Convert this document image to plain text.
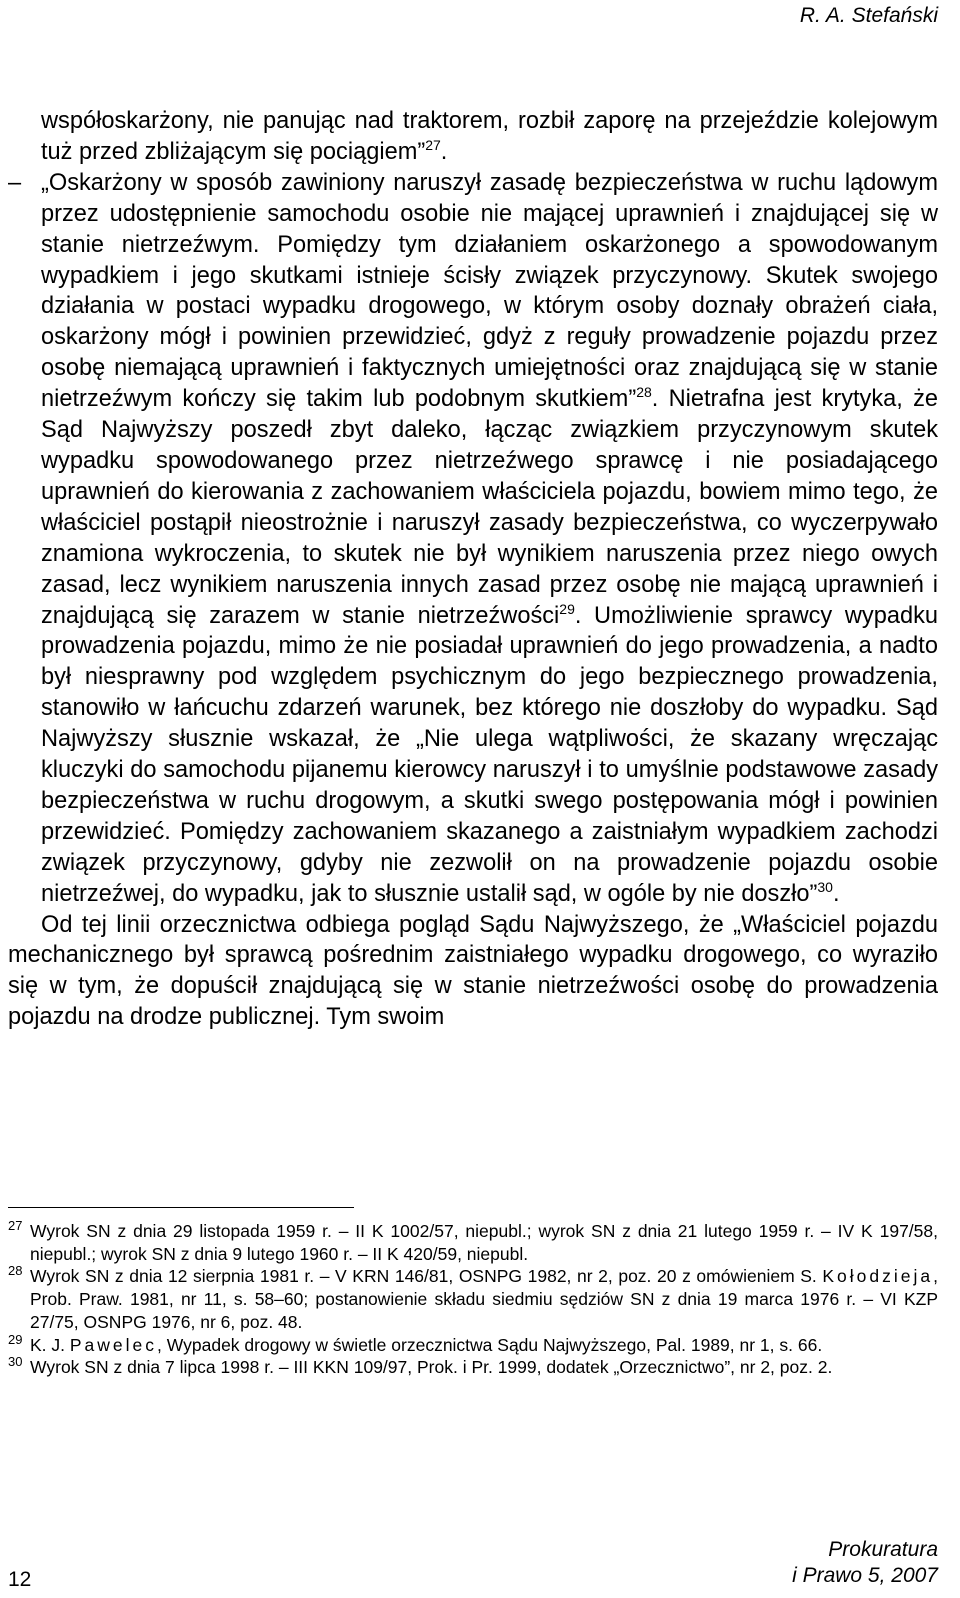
R. A. Stefański

współoskarżony, nie panując nad traktorem, rozbił zaporę na przejeździe kolejowym tuż przed zbliżającym się pociągiem”$^{27}$.

– „Oskarżony w sposób zawiniony naruszył zasadę bezpieczeństwa w ruchu lądowym przez udostępnienie samochodu osobie nie mającej uprawnień i znajdującej się w stanie nietrzeźwym. Pomiędzy tym działaniem oskarżonego a spowodowanym wypadkiem i jego skutkami istnieje ścisły związek przyczynowy. Skutek swojego działania w postaci wypadku drogowego, w którym osoby doznały obrażeń ciała, oskarżony mógł i powinien przewidzieć, gdyż z reguły prowadzenie pojazdu przez osobę niemającą uprawnień i faktycznych umiejętności oraz znajdującą się w stanie nietrzeźwym kończy się takim lub podobnym skutkiem”$^{28}$. Nietrafna jest krytyka, że Sąd Najwyższy poszedł zbyt daleko, łącząc związkiem przyczynowym skutek wypadku spowodowanego przez nietrzeźwego sprawcę i nie posiadającego uprawnień do kierowania z zachowaniem właściciela pojazdu, bowiem mimo tego, że właściciel postąpił nieostrożnie i naruszył zasady bezpieczeństwa, co wyczerpywało znamiona wykroczenia, to skutek nie był wynikiem naruszenia przez niego owych zasad, lecz wynikiem naruszenia innych zasad przez osobę nie mającą uprawnień i znajdującą się zarazem w stanie nietrzeźwości$^{29}$. Umożliwienie sprawcy wypadku prowadzenia pojazdu, mimo że nie posiadał uprawnień do jego prowadzenia, a nadto był niesprawny pod względem psychicznym do jego bezpiecznego prowadzenia, stanowiło w łańcuchu zdarzeń warunek, bez którego nie doszłoby do wypadku. Sąd Najwyższy słusznie wskazał, że „Nie ulega wątpliwości, że skazany wręczając kluczyki do samochodu pijanemu kierowcy naruszył i to umyślnie podstawowe zasady bezpieczeństwa w ruchu drogowym, a skutki swego postępowania mógł i powinien przewidzieć. Pomiędzy zachowaniem skazanego a zaistniałym wypadkiem zachodzi związek przyczynowy, gdyby nie zezwolił on na prowadzenie pojazdu osobie nietrzeźwej, do wypadku, jak to słusznie ustalił sąd, w ogóle by nie doszło”$^{30}$.

Od tej linii orzecznictwa odbiega pogląd Sądu Najwyższego, że „Właściciel pojazdu mechanicznego był sprawcą pośrednim zaistniałego wypadku drogowego, co wyraziło się w tym, że dopuścił znajdującą się w stanie nietrzeźwości osobę do prowadzenia pojazdu na drodze publicznej. Tym swoim

27 Wyrok SN z dnia 29 listopada 1959 r. – II K 1002/57, niepubl.; wyrok SN z dnia 21 lutego 1959 r. – IV K 197/58, niepubl.; wyrok SN z dnia 9 lutego 1960 r. – II K 420/59, niepubl.

28 Wyrok SN z dnia 12 sierpnia 1981 r. – V KRN 146/81, OSNPG 1982, nr 2, poz. 20 z omówieniem S. Kołodzieja, Prob. Praw. 1981, nr 11, s. 58–60; postanowienie składu siedmiu sędziów SN z dnia 19 marca 1976 r. – VI KZP 27/75, OSNPG 1976, nr 6, poz. 48.

29 K. J. Pawelec, Wypadek drogowy w świetle orzecznictwa Sądu Najwyższego, Pal. 1989, nr 1, s. 66.

30 Wyrok SN z dnia 7 lipca 1998 r. – III KKN 109/97, Prok. i Pr. 1999, dodatek „Orzecznictwo”, nr 2, poz. 2.

12
Prokuratura
i Prawo 5, 2007
